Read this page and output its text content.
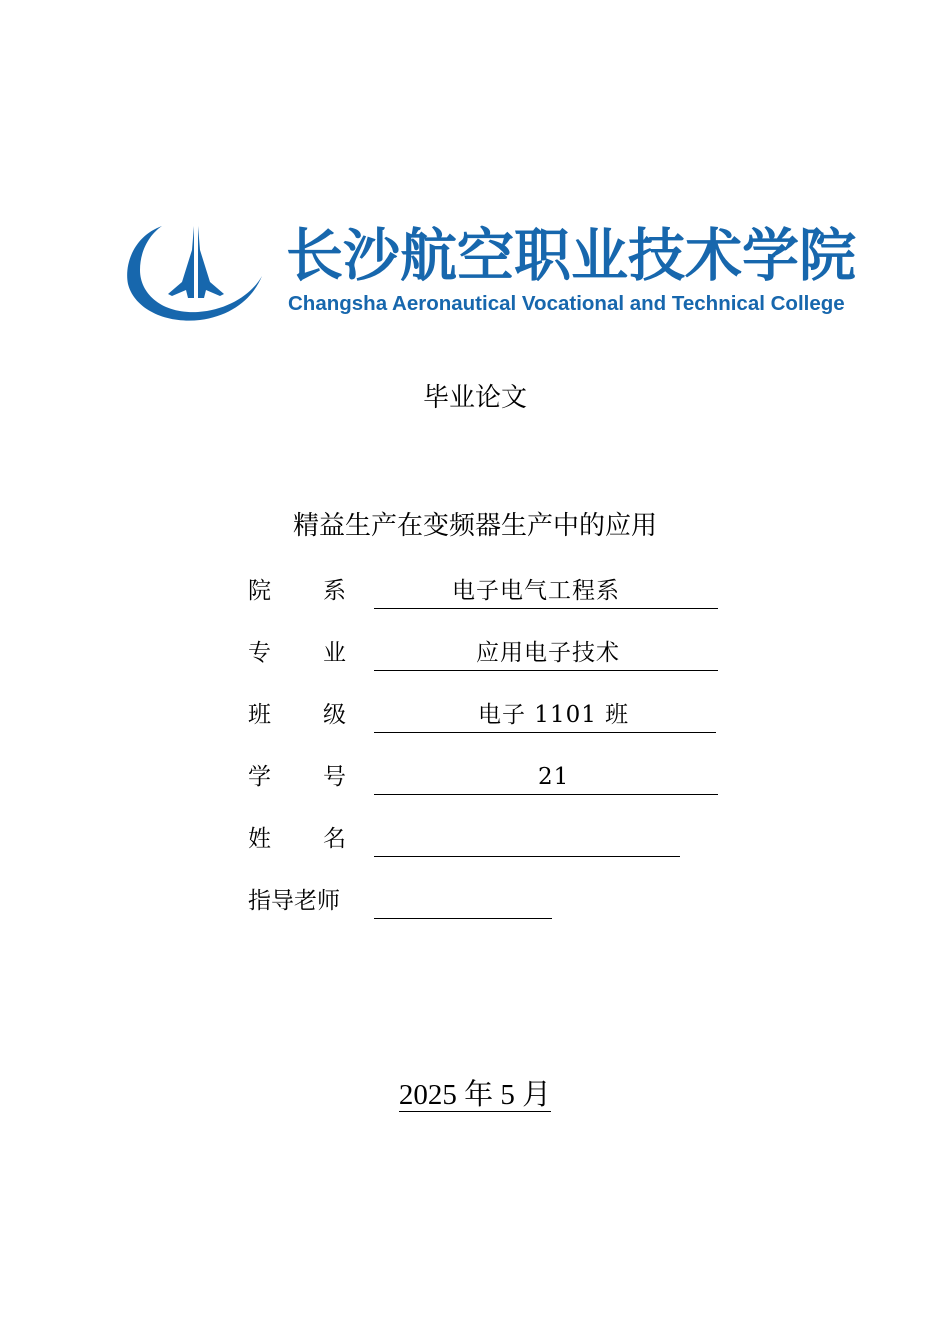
长沙航空职业技术学院
Changsha Aeronautical Vocational and Technical College
毕业论文
精益生产在变频器生产中的应用
院 系	电子电气工程系
专 业	应用电子技术
班 级	电子 1101 班
学 号	21
姓 名
指导老师
2025 年 5 月
